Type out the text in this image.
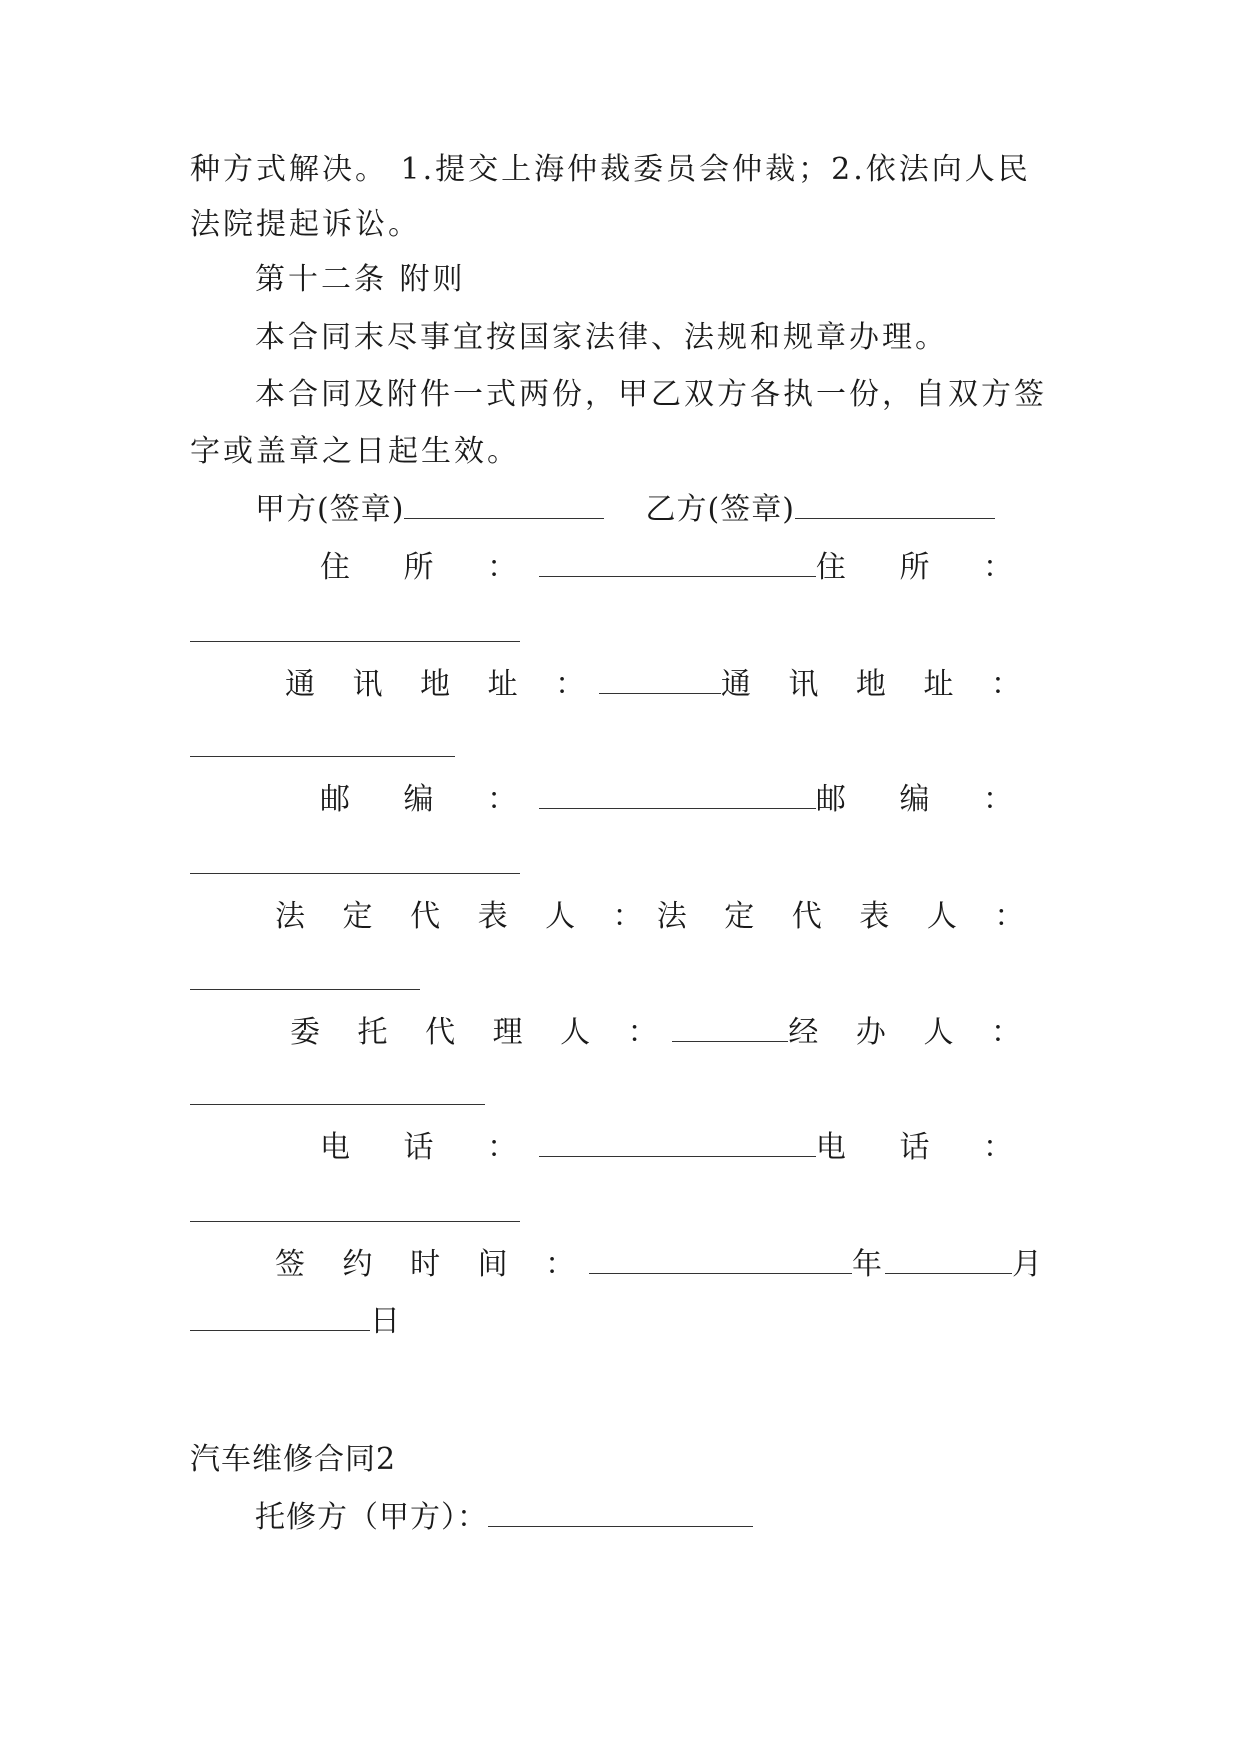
种方式解决。 1.提交上海仲裁委员会仲裁；2.依法向人民
法院提起诉讼。
第十二条 附则
本合同末尽事宜按国家法律、法规和规章办理。
本合同及附件一式两份，甲乙双方各执一份，自双方签
字或盖章之日起生效。
甲方(签章)	乙方(签章)
住 所 ：	住 所 ：
通 讯 地 址 ：	通 讯 地 址 ：
邮 编 ：	邮 编 ：
法 定 代 表 人 ： 法 定 代 表 人 ：
委 托 代 理 人 ：	经 办 人 ：
电 话 ：	电 话 ：
签 约 时 间 ：	年	月
日
汽车维修合同2
托修方（甲方）：
